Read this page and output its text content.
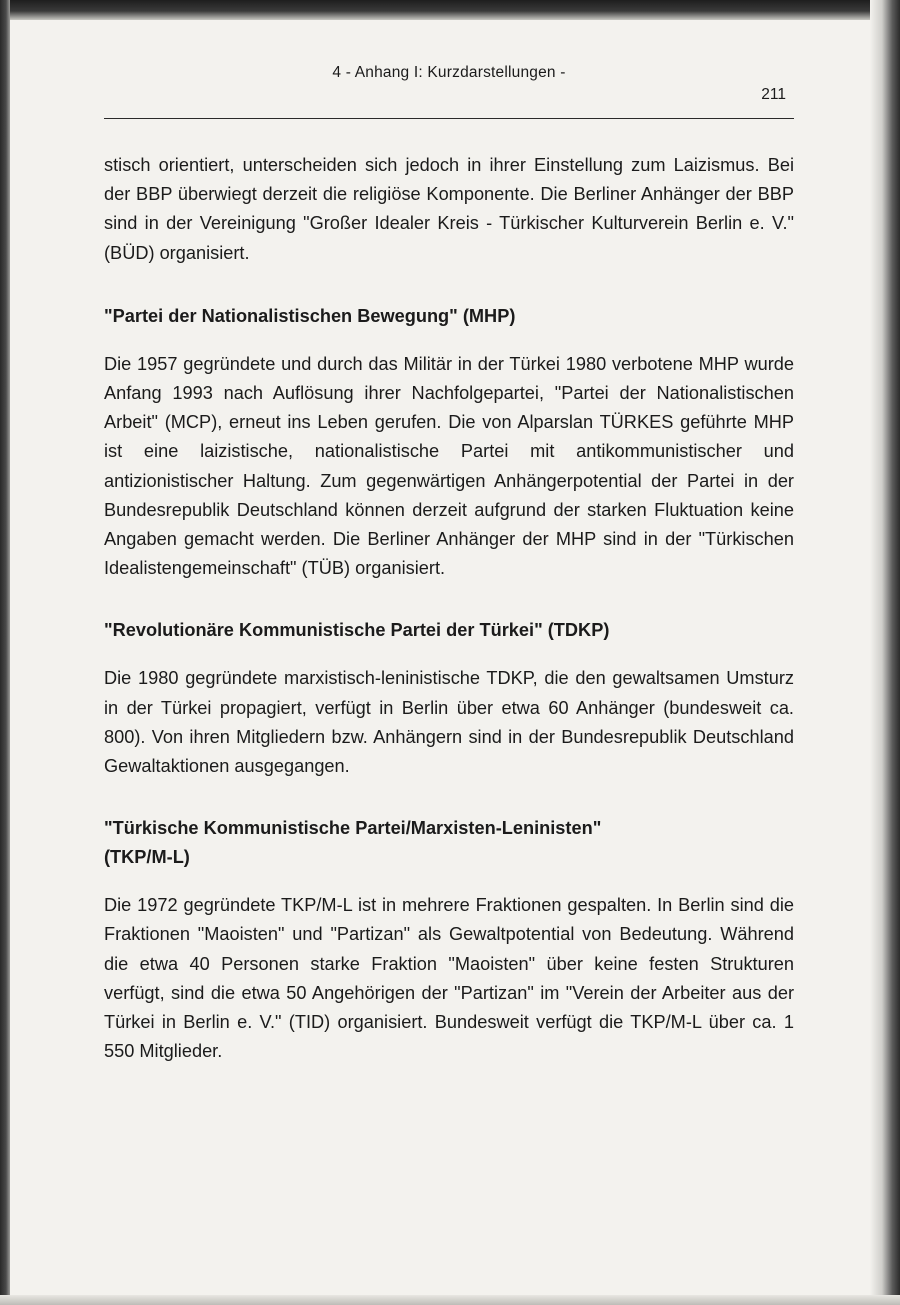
4 - Anhang I: Kurzdarstellungen -
211

stisch orientiert, unterscheiden sich jedoch in ihrer Einstellung zum Laizismus. Bei der BBP überwiegt derzeit die religiöse Komponente. Die Berliner Anhänger der BBP sind in der Vereinigung "Großer Idealer Kreis - Türkischer Kulturverein Berlin e. V." (BÜD) organisiert.

"Partei der Nationalistischen Bewegung" (MHP)

Die 1957 gegründete und durch das Militär in der Türkei 1980 verbotene MHP wurde Anfang 1993 nach Auflösung ihrer Nachfolgepartei, "Partei der Nationalistischen Arbeit" (MCP), erneut ins Leben gerufen. Die von Alparslan TÜRKES geführte MHP ist eine laizistische, nationalistische Partei mit antikommunistischer und antizionistischer Haltung. Zum gegenwärtigen Anhängerpotential der Partei in der Bundesrepublik Deutschland können derzeit aufgrund der starken Fluktuation keine Angaben gemacht werden. Die Berliner Anhänger der MHP sind in der "Türkischen Idealistengemeinschaft" (TÜB) organisiert.

"Revolutionäre Kommunistische Partei der Türkei" (TDKP)

Die 1980 gegründete marxistisch-leninistische TDKP, die den gewaltsamen Umsturz in der Türkei propagiert, verfügt in Berlin über etwa 60 Anhänger (bundesweit ca. 800). Von ihren Mitgliedern bzw. Anhängern sind in der Bundesrepublik Deutschland Gewaltaktionen ausgegangen.

"Türkische Kommunistische Partei/Marxisten-Leninisten"
(TKP/M-L)

Die 1972 gegründete TKP/M-L ist in mehrere Fraktionen gespalten. In Berlin sind die Fraktionen "Maoisten" und "Partizan" als Gewaltpotential von Bedeutung. Während die etwa 40 Personen starke Fraktion "Maoisten" über keine festen Strukturen verfügt, sind die etwa 50 Angehörigen der "Partizan" im "Verein der Arbeiter aus der Türkei in Berlin e. V." (TID) organisiert. Bundesweit verfügt die TKP/M-L über ca. 1 550 Mitglieder.
